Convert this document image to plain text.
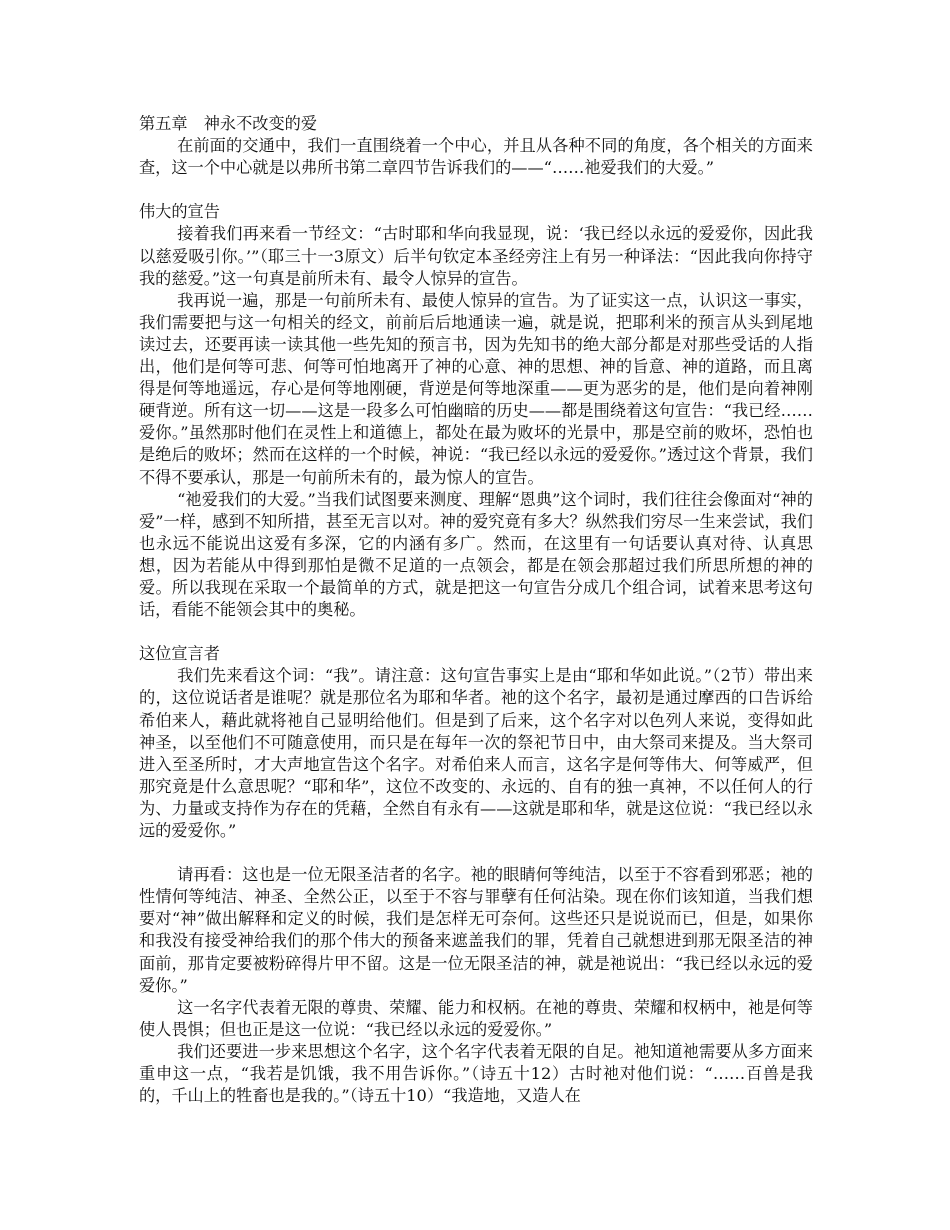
第五章　神永不改变的爱

在前面的交通中，我们一直围绕着一个中心，并且从各种不同的角度，各个相关的方面来查，这一个中心就是以弗所书第二章四节告诉我们的——“……祂爱我们的大爱。”

伟大的宣告

接着我们再来看一节经文：“古时耶和华向我显现，说：‘我已经以永远的爱爱你，因此我以慈爱吸引你。’”（耶三十一3原文）后半句钦定本圣经旁注上有另一种译法：“因此我向你持守我的慈爱。”这一句真是前所未有、最令人惊异的宣告。

我再说一遍，那是一句前所未有、最使人惊异的宣告。为了证实这一点，认识这一事实，我们需要把与这一句相关的经文，前前后后地通读一遍，就是说，把耶利米的预言从头到尾地读过去，还要再读一读其他一些先知的预言书，因为先知书的绝大部分都是对那些受话的人指出，他们是何等可悲、何等可怕地离开了神的心意、神的思想、神的旨意、神的道路，而且离得是何等地遥远，存心是何等地刚硬，背逆是何等地深重——更为恶劣的是，他们是向着神刚硬背逆。所有这一切——这是一段多么可怕幽暗的历史——都是围绕着这句宣告：“我已经……爱你。”虽然那时他们在灵性上和道德上，都处在最为败坏的光景中，那是空前的败坏，恐怕也是绝后的败坏；然而在这样的一个时候，神说：“我已经以永远的爱爱你。”透过这个背景，我们不得不要承认，那是一句前所未有的，最为惊人的宣告。

“祂爱我们的大爱。”当我们试图要来测度、理解“恩典”这个词时，我们往往会像面对“神的爱”一样，感到不知所措，甚至无言以对。神的爱究竟有多大？纵然我们穷尽一生来尝试，我们也永远不能说出这爱有多深，它的内涵有多广。然而，在这里有一句话要认真对待、认真思想，因为若能从中得到那怕是微不足道的一点领会，都是在领会那超过我们所思所想的神的爱。所以我现在采取一个最简单的方式，就是把这一句宣告分成几个组合词，试着来思考这句话，看能不能领会其中的奥秘。

这位宣言者

我们先来看这个词：“我”。请注意：这句宣告事实上是由“耶和华如此说。”（2节）带出来的，这位说话者是谁呢？就是那位名为耶和华者。祂的这个名字，最初是通过摩西的口告诉给希伯来人，藉此就将祂自己显明给他们。但是到了后来，这个名字对以色列人来说，变得如此神圣，以至他们不可随意使用，而只是在每年一次的祭祀节日中，由大祭司来提及。当大祭司进入至圣所时，才大声地宣告这个名字。对希伯来人而言，这名字是何等伟大、何等威严，但那究竟是什么意思呢？“耶和华”，这位不改变的、永远的、自有的独一真神，不以任何人的行为、力量或支持作为存在的凭藉，全然自有永有——这就是耶和华，就是这位说：“我已经以永远的爱爱你。”

请再看：这也是一位无限圣洁者的名字。祂的眼睛何等纯洁，以至于不容看到邪恶；祂的性情何等纯洁、神圣、全然公正，以至于不容与罪孽有任何沾染。现在你们该知道，当我们想要对“神”做出解释和定义的时候，我们是怎样无可奈何。这些还只是说说而已，但是，如果你和我没有接受神给我们的那个伟大的预备来遮盖我们的罪，凭着自己就想进到那无限圣洁的神面前，那肯定要被粉碎得片甲不留。这是一位无限圣洁的神，就是祂说出：“我已经以永远的爱爱你。”

这一名字代表着无限的尊贵、荣耀、能力和权柄。在祂的尊贵、荣耀和权柄中，祂是何等使人畏惧；但也正是这一位说：“我已经以永远的爱爱你。”

我们还要进一步来思想这个名字，这个名字代表着无限的自足。祂知道祂需要从多方面来重申这一点，“我若是饥饿，我不用告诉你。”（诗五十12）古时祂对他们说：“……百兽是我的，千山上的牲畜也是我的。”（诗五十10）“我造地，又造人在
